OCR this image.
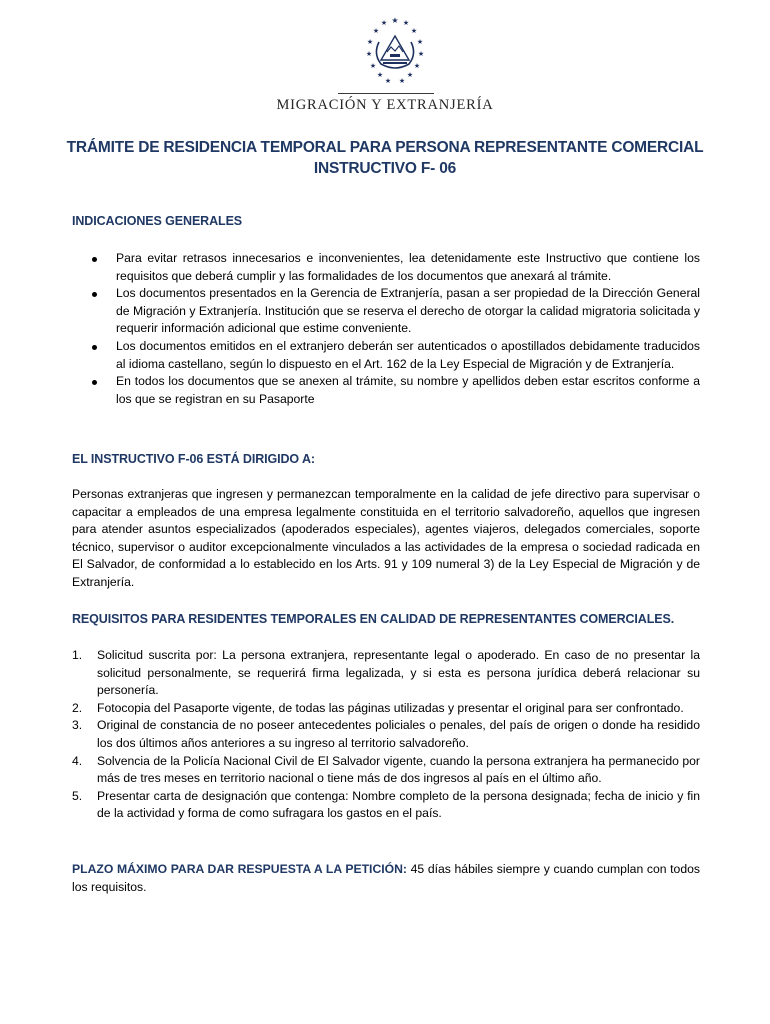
★
★ ★
★	★
★	★
★	★
★	★
★	★
★ ★
MIGRACIÓN Y EXTRANJERÍA
TRÁMITE DE RESIDENCIA TEMPORAL PARA PERSONA REPRESENTANTE COMERCIAL
INSTRUCTIVO F- 06
INDICACIONES GENERALES
Para evitar retrasos innecesarios e inconvenientes, lea detenidamente este Instructivo que contiene los requisitos que deberá cumplir y las formalidades de los documentos que anexará al trámite.
Los documentos presentados en la Gerencia de Extranjería, pasan a ser propiedad de la Dirección General de Migración y Extranjería. Institución que se reserva el derecho de otorgar la calidad migratoria solicitada y requerir información adicional que estime conveniente.
Los documentos emitidos en el extranjero deberán ser autenticados o apostillados debidamente traducidos al idioma castellano, según lo dispuesto en el Art. 162 de la Ley Especial de Migración y de Extranjería.
En todos los documentos que se anexen al trámite, su nombre y apellidos deben estar escritos conforme a los que se registran en su Pasaporte
EL INSTRUCTIVO F-06 ESTÁ DIRIGIDO A:
Personas extranjeras que ingresen y permanezcan temporalmente en la calidad de jefe directivo para supervisar o capacitar a empleados de una empresa legalmente constituida en el territorio salvadoreño, aquellos que ingresen para atender asuntos especializados (apoderados especiales), agentes viajeros, delegados comerciales, soporte técnico, supervisor o auditor excepcionalmente vinculados a las actividades de la empresa o sociedad radicada en El Salvador, de conformidad a lo establecido en los Arts. 91 y 109 numeral 3) de la Ley Especial de Migración y de Extranjería.
REQUISITOS PARA RESIDENTES TEMPORALES EN CALIDAD DE REPRESENTANTES COMERCIALES.
1. Solicitud suscrita por: La persona extranjera, representante legal o apoderado. En caso de no presentar la solicitud personalmente, se requerirá firma legalizada, y si esta es persona jurídica deberá relacionar su personería.
2. Fotocopia del Pasaporte vigente, de todas las páginas utilizadas y presentar el original para ser confrontado.
3. Original de constancia de no poseer antecedentes policiales o penales, del país de origen o donde ha residido los dos últimos años anteriores a su ingreso al territorio salvadoreño.
4. Solvencia de la Policía Nacional Civil de El Salvador vigente, cuando la persona extranjera ha permanecido por más de tres meses en territorio nacional o tiene más de dos ingresos al país en el último año.
5. Presentar carta de designación que contenga: Nombre completo de la persona designada; fecha de inicio y fin de la actividad y forma de como sufragara los gastos en el país.
PLAZO MÁXIMO PARA DAR RESPUESTA A LA PETICIÓN: 45 días hábiles siempre y cuando cumplan con todos los requisitos.
